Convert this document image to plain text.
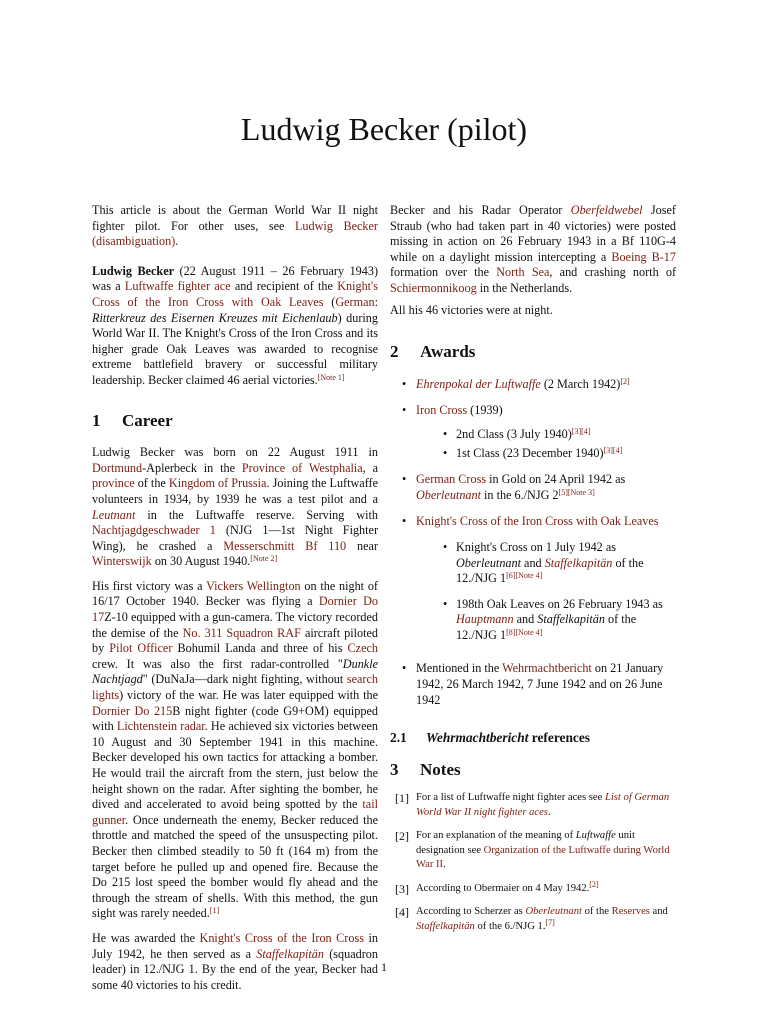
Ludwig Becker (pilot)

This article is about the German World War II night fighter pilot. For other uses, see Ludwig Becker (disambiguation).

Ludwig Becker (22 August 1911 – 26 February 1943) was a Luftwaffe fighter ace and recipient of the Knight's Cross of the Iron Cross with Oak Leaves (German: Ritterkreuz des Eisernen Kreuzes mit Eichenlaub) during World War II. The Knight's Cross of the Iron Cross and its higher grade Oak Leaves was awarded to recognise extreme battlefield bravery or successful military leadership. Becker claimed 46 aerial victories.[Note 1]

1 Career

Ludwig Becker was born on 22 August 1911 in Dortmund-Aplerbeck in the Province of Westphalia, a province of the Kingdom of Prussia. Joining the Luftwaffe volunteers in 1934, by 1939 he was a test pilot and a Leutnant in the Luftwaffe reserve. Serving with Nachtjagdgeschwader 1 (NJG 1—1st Night Fighter Wing), he crashed a Messerschmitt Bf 110 near Winterswijk on 30 August 1940.[Note 2]

His first victory was a Vickers Wellington on the night of 16/17 October 1940. Becker was flying a Dornier Do 17Z-10 equipped with a gun-camera. The victory recorded the demise of the No. 311 Squadron RAF aircraft piloted by Pilot Officer Bohumil Landa and three of his Czech crew. It was also the first radar-controlled "Dunkle Nachtjagd" (DuNaJa—dark night fighting, without search lights) victory of the war. He was later equipped with the Dornier Do 215B night fighter (code G9+OM) equipped with Lichtenstein radar. He achieved six victories between 10 August and 30 September 1941 in this machine. Becker developed his own tactics for attacking a bomber. He would trail the aircraft from the stern, just below the height shown on the radar. After sighting the bomber, he dived and accelerated to avoid being spotted by the tail gunner. Once underneath the enemy, Becker reduced the throttle and matched the speed of the unsuspecting pilot. Becker then climbed steadily to 50 ft (164 m) from the target before he pulled up and opened fire. Because the Do 215 lost speed the bomber would fly ahead and the through the stream of shells. With this method, the gun sight was rarely needed.[1]

He was awarded the Knight's Cross of the Iron Cross in July 1942, he then served as a Staffelkapitän (squadron leader) in 12./NJG 1. By the end of the year, Becker had some 40 victories to his credit.

Becker and his Radar Operator Oberfeldwebel Josef Straub (who had taken part in 40 victories) were posted missing in action on 26 February 1943 in a Bf 110G-4 while on a daylight mission intercepting a Boeing B-17 formation over the North Sea, and crashing north of Schiermonnikoog in the Netherlands.

All his 46 victories were at night.

2 Awards
• Ehrenpokal der Luftwaffe (2 March 1942)[2]
• Iron Cross (1939)
• 2nd Class (3 July 1940)[3][4]
• 1st Class (23 December 1940)[3][4]
• German Cross in Gold on 24 April 1942 as Oberleutnant in the 6./NJG 2[5][Note 3]
• Knight's Cross of the Iron Cross with Oak Leaves
• Knight's Cross on 1 July 1942 as Oberleutnant and Staffelkapitän of the 12./NJG 1[6][Note 4]
• 198th Oak Leaves on 26 February 1943 as Hauptmann and Staffelkapitän of the 12./NJG 1[8][Note 4]
• Mentioned in the Wehrmachtbericht on 21 January 1942, 26 March 1942, 7 June 1942 and on 26 June 1942
2.1 Wehrmachtbericht references
3 Notes
[1] For a list of Luftwaffe night fighter aces see List of German World War II night fighter aces.
[2] For an explanation of the meaning of Luftwaffe unit designation see Organization of the Luftwaffe during World War II.
[3] According to Obermaier on 4 May 1942.[2]
[4] According to Scherzer as Oberleutnant of the Reserves and Staffelkapitän of the 6./NJG 1.[7]
1
